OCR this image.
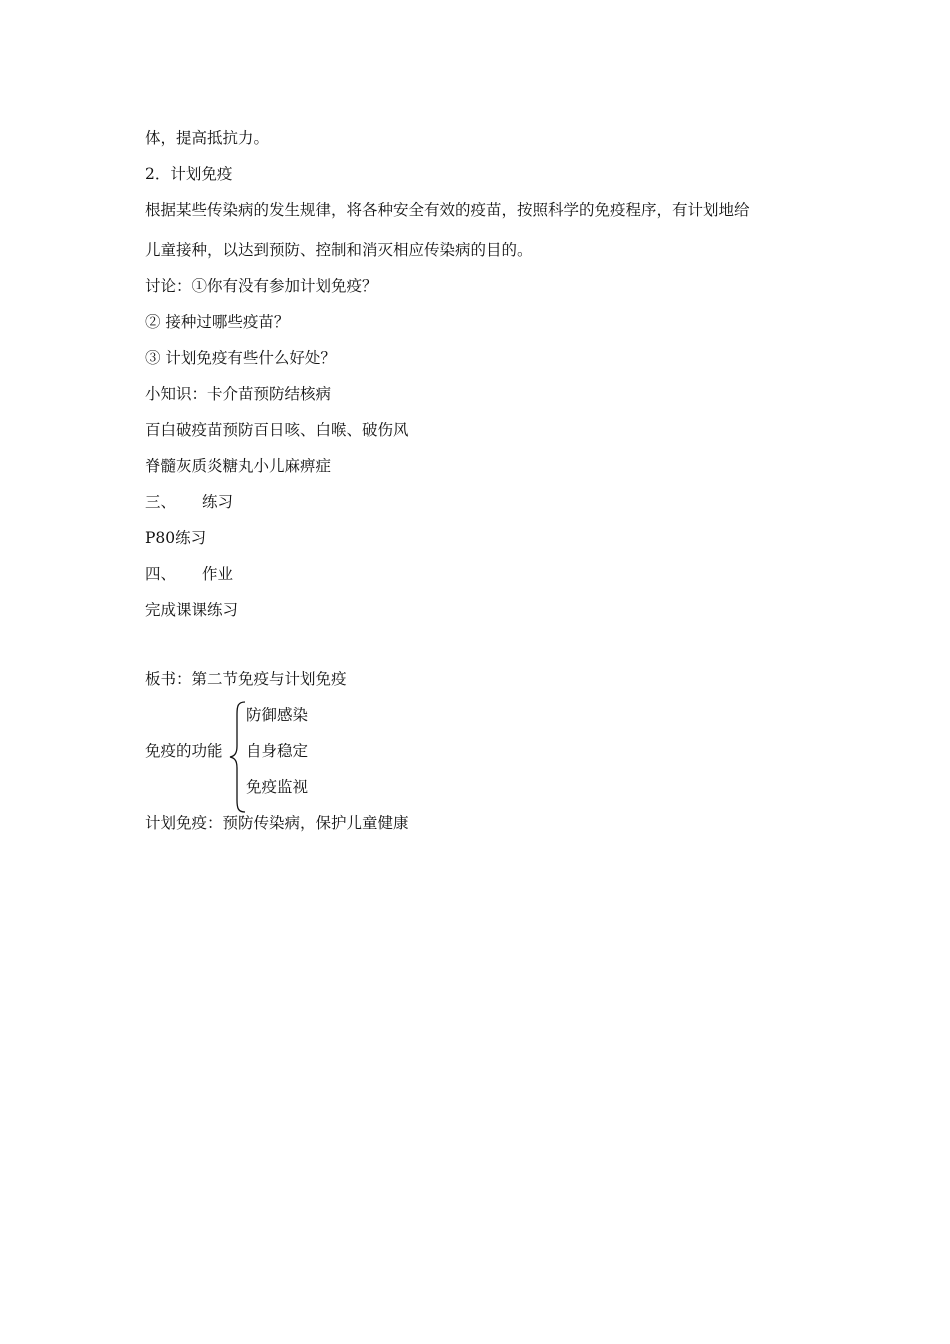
体，提高抵抗力。
2．计划免疫
根据某些传染病的发生规律，将各种安全有效的疫苗，按照科学的免疫程序，有计划地给
儿童接种，以达到预防、控制和消灭相应传染病的目的。
讨论：①你有没有参加计划免疫？
② 接种过哪些疫苗？
③ 计划免疫有些什么好处？
小知识：卡介苗预防结核病
百白破疫苗预防百日咳、白喉、破伤风
脊髓灰质炎糖丸小儿麻痹症
三、 练习
P80练习
四、 作业
完成课课练习
板书：第二节免疫与计划免疫
免疫的功能
防御感染
自身稳定
免疫监视
计划免疫：预防传染病，保护儿童健康
